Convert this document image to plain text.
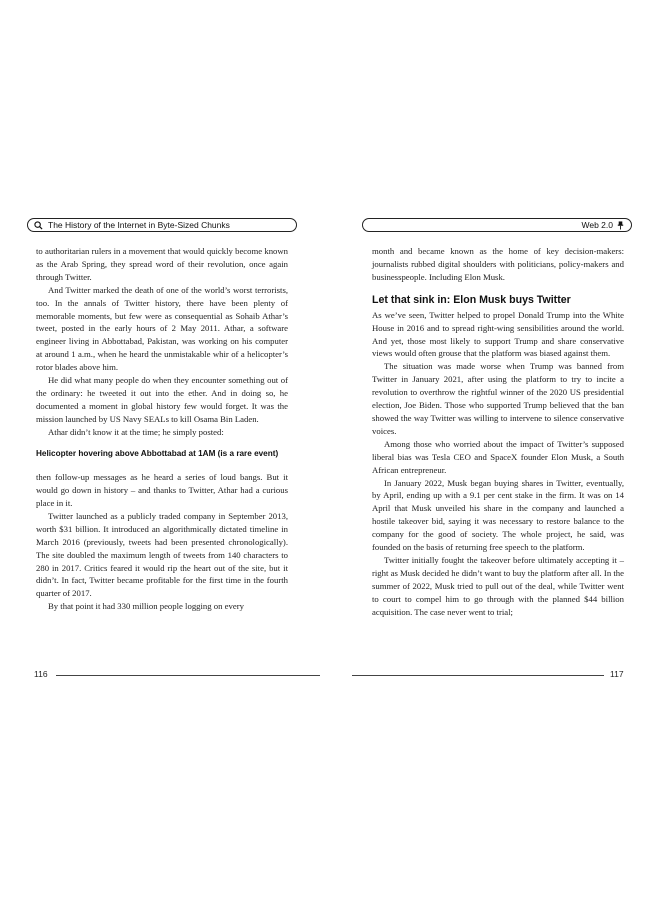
The History of the Internet in Byte-Sized Chunks	Web 2.0

to authoritarian rulers in a movement that would quickly become known as the Arab Spring, they spread word of their revolution, once again through Twitter.

And Twitter marked the death of one of the world’s worst terrorists, too. In the annals of Twitter history, there have been plenty of memorable moments, but few were as consequential as Sohaib Athar’s tweet, posted in the early hours of 2 May 2011. Athar, a software engineer living in Abbottabad, Pakistan, was working on his computer at around 1 a.m., when he heard the unmistakable whir of a helicopter’s rotor blades above him.

He did what many people do when they encounter something out of the ordinary: he tweeted it out into the ether. And in doing so, he documented a moment in global history few would forget. It was the mission launched by US Navy SEALs to kill Osama Bin Laden.

Athar didn’t know it at the time; he simply posted:

Helicopter hovering above Abbottabad at 1AM (is a rare event)

then follow-up messages as he heard a series of loud bangs. But it would go down in history – and thanks to Twitter, Athar had a curious place in it.

Twitter launched as a publicly traded company in September 2013, worth $31 billion. It introduced an algorithmically dictated timeline in March 2016 (previously, tweets had been presented chronologically). The site doubled the maximum length of tweets from 140 characters to 280 in 2017. Critics feared it would rip the heart out of the site, but it didn’t. In fact, Twitter became profitable for the first time in the fourth quarter of 2017.

By that point it had 330 million people logging on every

month and became known as the home of key decision-makers: journalists rubbed digital shoulders with politicians, policy-makers and businesspeople. Including Elon Musk.

Let that sink in: Elon Musk buys Twitter

As we’ve seen, Twitter helped to propel Donald Trump into the White House in 2016 and to spread right-wing sensibilities around the world. And yet, those most likely to support Trump and share conservative views would often grouse that the platform was biased against them.

The situation was made worse when Trump was banned from Twitter in January 2021, after using the platform to try to incite a revolution to overthrow the rightful winner of the 2020 US presidential election, Joe Biden. Those who supported Trump believed that the ban showed the way Twitter was willing to intervene to silence conservative voices.

Among those who worried about the impact of Twitter’s supposed liberal bias was Tesla CEO and SpaceX founder Elon Musk, a South African entrepreneur.

In January 2022, Musk began buying shares in Twitter, eventually, by April, ending up with a 9.1 per cent stake in the firm. It was on 14 April that Musk unveiled his share in the company and launched a hostile takeover bid, saying it was necessary to restore balance to the company for the good of society. The whole project, he said, was founded on the basis of returning free speech to the platform.

Twitter initially fought the takeover before ultimately accepting it – right as Musk decided he didn’t want to buy the platform after all. In the summer of 2022, Musk tried to pull out of the deal, while Twitter went to court to compel him to go through with the planned $44 billion acquisition. The case never went to trial;

116	117
